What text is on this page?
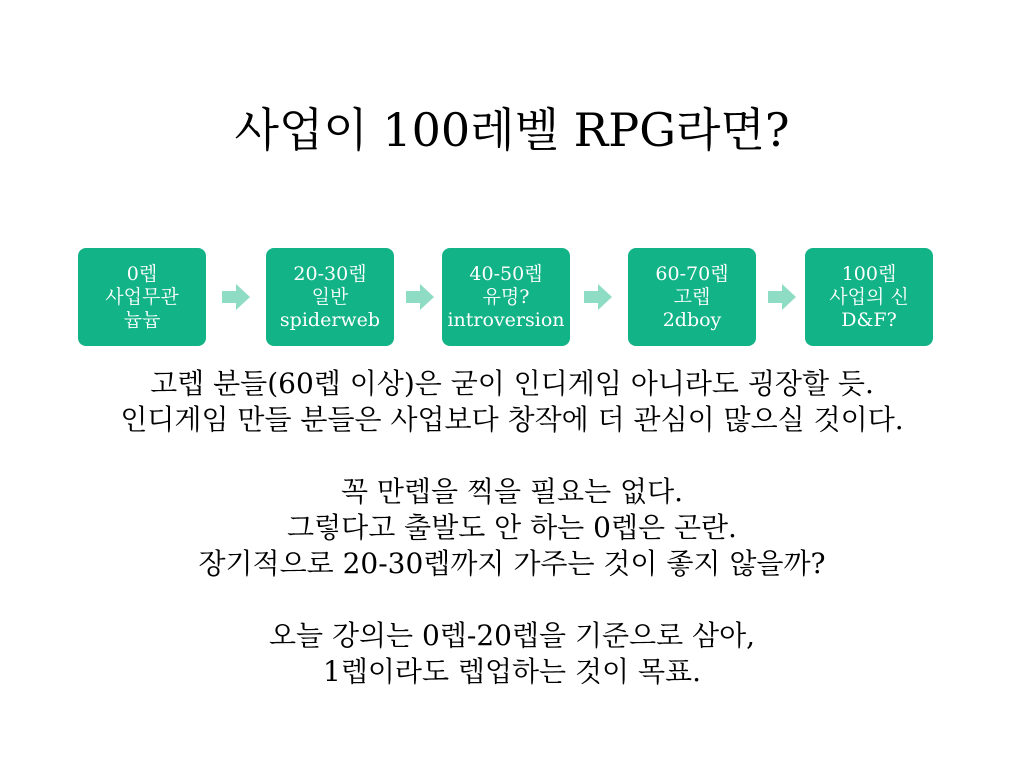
사업이 100레벨 RPG라면?
0렙
사업무관
늅늅
20-30렙
일반
spiderweb
40-50렙
유명?
introversion
60-70렙
고렙
2dboy
100렙
사업의 신
D&F?
고렙 분들(60렙 이상)은 굳이 인디게임 아니라도 굉장할 듯.
인디게임 만들 분들은 사업보다 창작에 더 관심이 많으실 것이다.
꼭 만렙을 찍을 필요는 없다.
그렇다고 출발도 안 하는 0렙은 곤란.
장기적으로 20-30렙까지 가주는 것이 좋지 않을까?
오늘 강의는 0렙-20렙을 기준으로 삼아,
1렙이라도 렙업하는 것이 목표.
